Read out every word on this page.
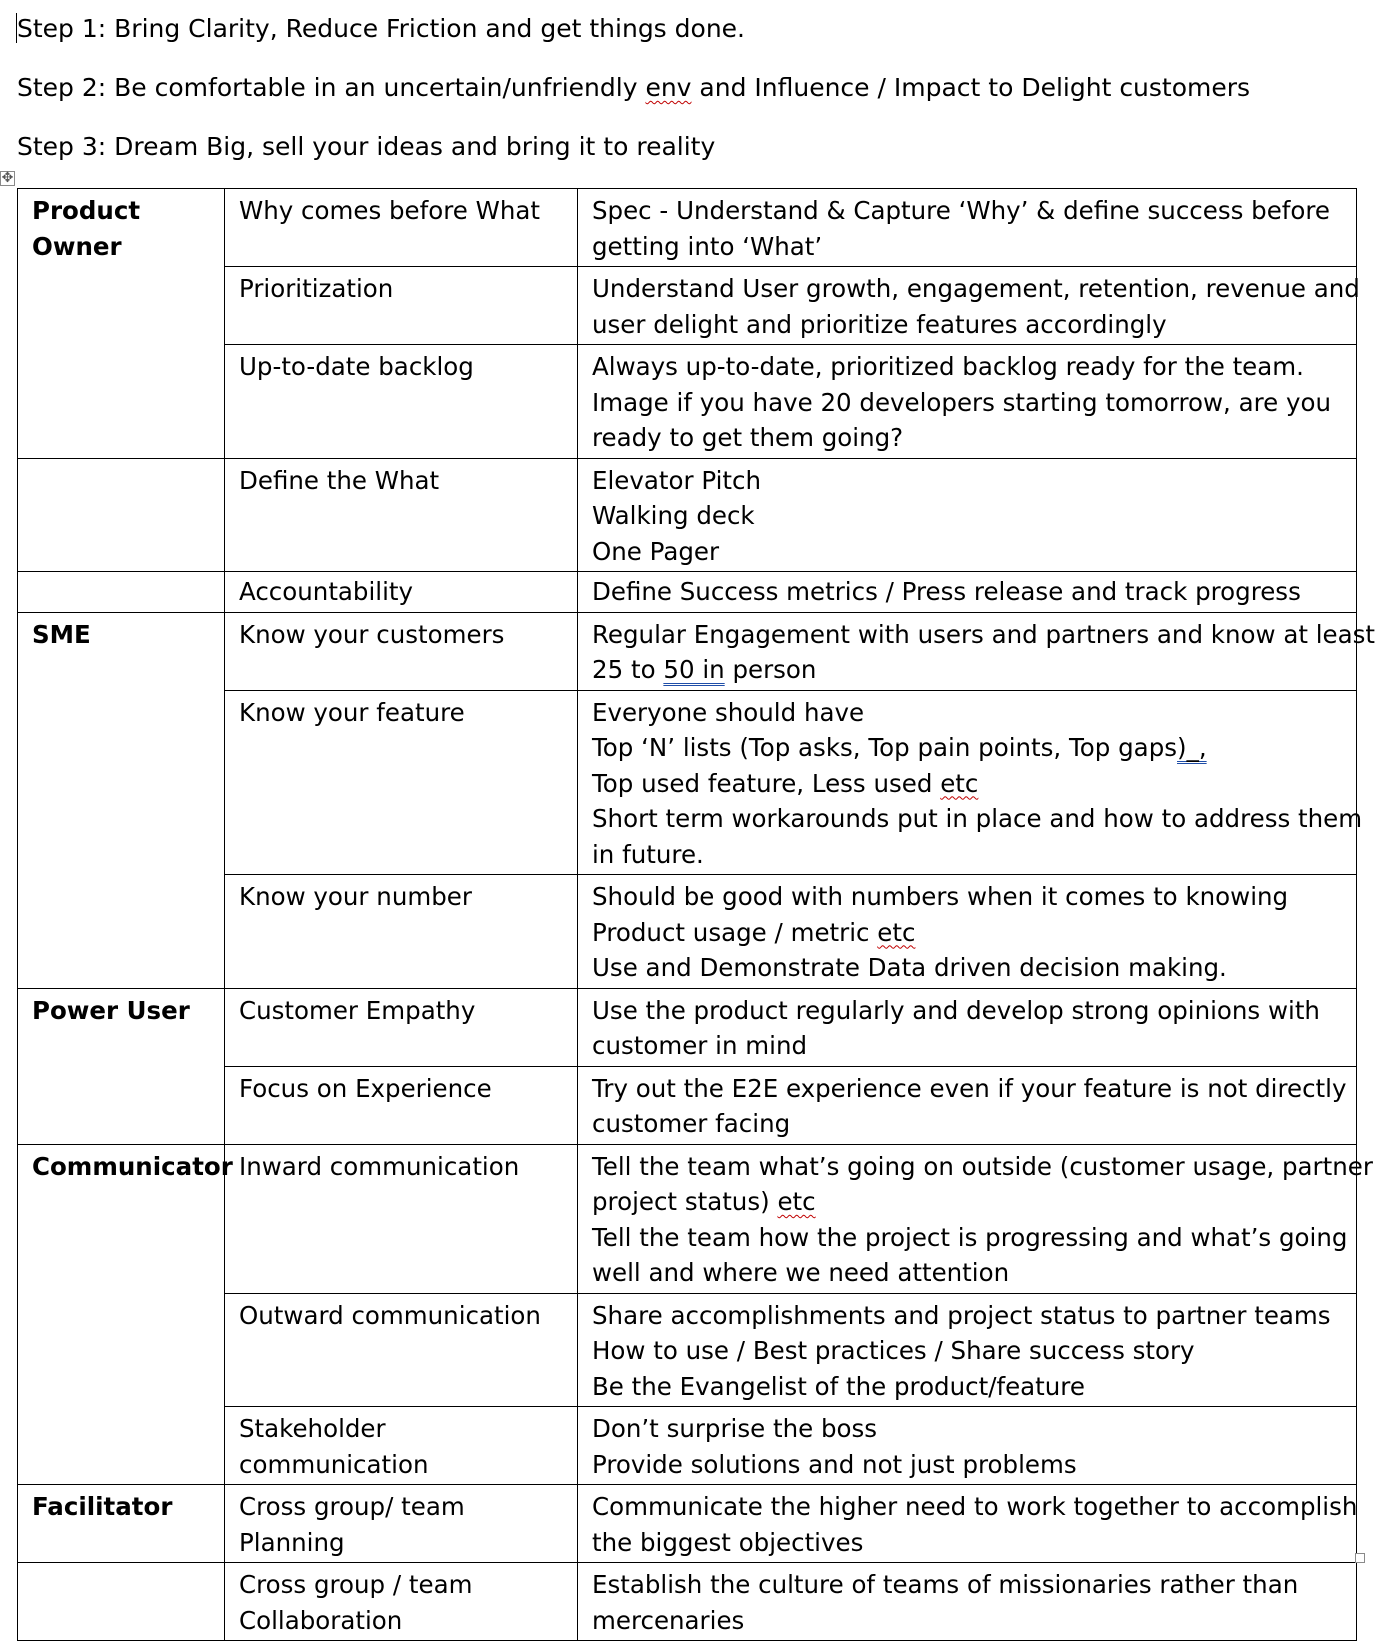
Step 1: Bring Clarity, Reduce Friction and get things done.
Step 2: Be comfortable in an uncertain/unfriendly env and Influence / Impact to Delight customers
Step 3: Dream Big, sell your ideas and bring it to reality
✥
Product
Owner	Why comes before What	Spec - Understand & Capture ‘Why’ & define success before
getting into ‘What’

	Prioritization	Understand User growth, engagement, retention, revenue and
user delight and prioritize features accordingly

	Up-to-date backlog	Always up-to-date, prioritized backlog ready for the team.
Image if you have 20 developers starting tomorrow, are you
ready to get them going?

	Define the What	Elevator Pitch
Walking deck
One Pager

	Accountability	Define Success metrics / Press release and track progress

SME	Know your customers	Regular Engagement with users and partners and know at least
25 to 50 in person

	Know your feature	Everyone should have
Top ‘N’ lists (Top asks, Top pain points, Top gaps)_,
Top used feature, Less used etc
Short term workarounds put in place and how to address them
in future.

	Know your number	Should be good with numbers when it comes to knowing
Product usage / metric etc
Use and Demonstrate Data driven decision making.

Power User	Customer Empathy	Use the product regularly and develop strong opinions with
customer in mind

	Focus on Experience	Try out the E2E experience even if your feature is not directly
customer facing

Communicator	Inward communication	Tell the team what’s going on outside (customer usage, partner
project status) etc
Tell the team how the project is progressing and what’s going
well and where we need attention

	Outward communication	Share accomplishments and project status to partner teams
How to use / Best practices / Share success story
Be the Evangelist of the product/feature

	Stakeholder
communication	Don’t surprise the boss
Provide solutions and not just problems

Facilitator	Cross group/ team
Planning	Communicate the higher need to work together to accomplish
the biggest objectives

	Cross group / team
Collaboration	Establish the culture of teams of missionaries rather than
mercenaries
